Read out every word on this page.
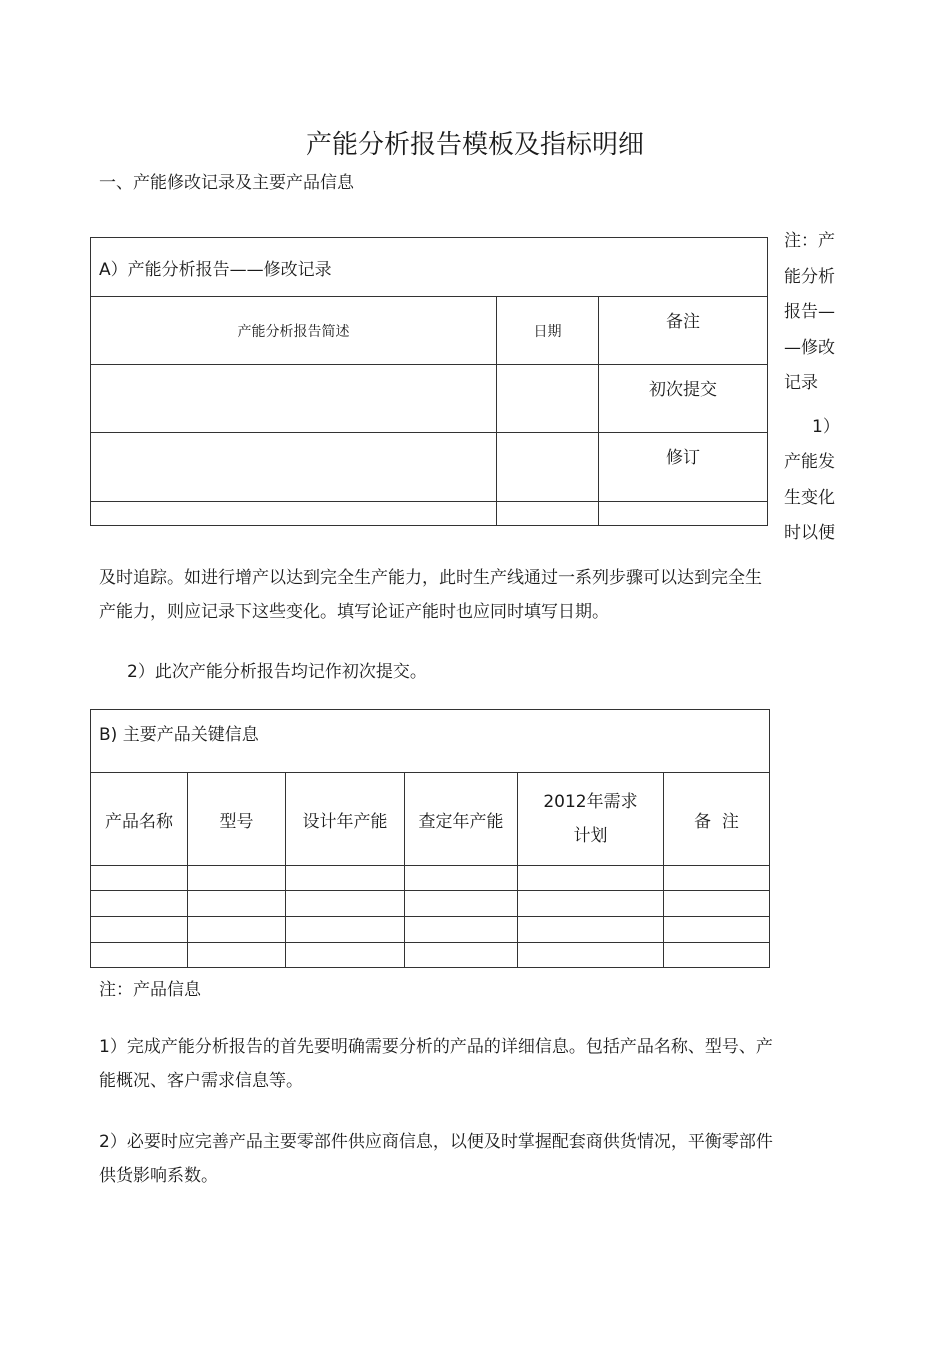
产能分析报告模板及指标明细
一、产能修改记录及主要产品信息
A）产能分析报告——修改记录		
产能分析报告简述	日期	备注
		初次提交
		修订

注：产
能分析
报告—
—修改
记录
1）
产能发
生变化
时以便
及时追踪。如进行增产以达到完全生产能力，此时生产线通过一系列步骤可以达到完全生
产能力，则应记录下这些变化。填写论证产能时也应同时填写日期。
2）此次产能分析报告均记作初次提交。
B) 主要产品关键信息					
产品名称	型号	设计年产能	查定年产能	2012年需求计划	备  注

注：产品信息
1）完成产能分析报告的首先要明确需要分析的产品的详细信息。包括产品名称、型号、产
能概况、客户需求信息等。
2）必要时应完善产品主要零部件供应商信息，以便及时掌握配套商供货情况，平衡零部件
供货影响系数。
